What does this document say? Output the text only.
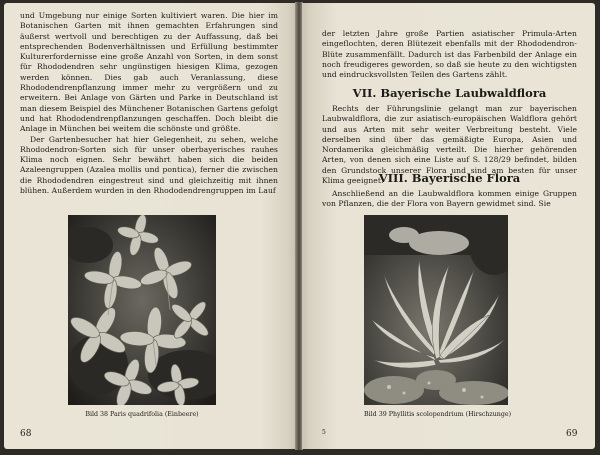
und Umgebung nur einige Sorten kultiviert waren. Die hier im Botanischen Garten mit ihnen gemachten Erfahrungen sind äußerst wertvoll und berechtigen zu der Auffassung, daß bei entsprechenden Bodenverhältnissen und Erfüllung bestimmter Kulturerfordernisse eine große Anzahl von Sorten, in dem sonst für Rhododendren sehr ungünstigen hiesigen Klima, gezogen werden können. Dies gab auch Veranlassung, diese Rhododendrenpflanzung immer mehr zu vergrößern und zu erweitern. Bei Anlage von Gärten und Parke in Deutschland ist man diesem Beispiel des Münchener Botanischen Gartens gefolgt und hat Rhododendrenpflanzungen geschaffen. Doch bleibt die Anlage in München bei weitem die schönste und größte.

Der Gartenbesucher hat hier Gelegenheit, zu sehen, welche Rhododendron-Sorten sich für unser oberbayerisches rauhes Klima noch eignen. Sehr bewährt haben sich die beiden Azaleengruppen (Azalea mollis und pontica), ferner die zwischen die Rhododendren eingestreut sind und gleichzeitig mit ihnen blühen. Außerdem wurden in den Rhododendrengruppen im Lauf

Bild 38 Paris quadrifolia (Einbeere)
68

der letzten Jahre große Partien asiatischer Primula-Arten eingeflochten, deren Blütezeit ebenfalls mit der Rhododendron-Blüte zusammenfällt. Dadurch ist das Farbenbild der Anlage ein noch freudigeres geworden, so daß sie heute zu den wichtigsten und eindrucksvollsten Teilen des Gartens zählt.

VII. Bayerische Laubwaldflora

Rechts der Führungslinie gelangt man zur bayerischen Laubwaldflora, die zur asiatisch-europäischen Waldflora gehört und aus Arten mit sehr weiter Verbreitung besteht. Viele derselben sind über das gemäßigte Europa, Asien und Nordamerika gleichmäßig verteilt. Die hierher gehörenden Arten, von denen sich eine Liste auf S. 128/29 befindet, bilden den Grundstock unserer Flora und sind am besten für unser Klima geeignet.

VIII. Bayerische Flora

Anschließend an die Laubwaldflora kommen einige Gruppen von Pflanzen, die der Flora von Bayern gewidmet sind. Sie

Bild 39 Phyllitis scolopendrium (Hirschzunge)
5	69
